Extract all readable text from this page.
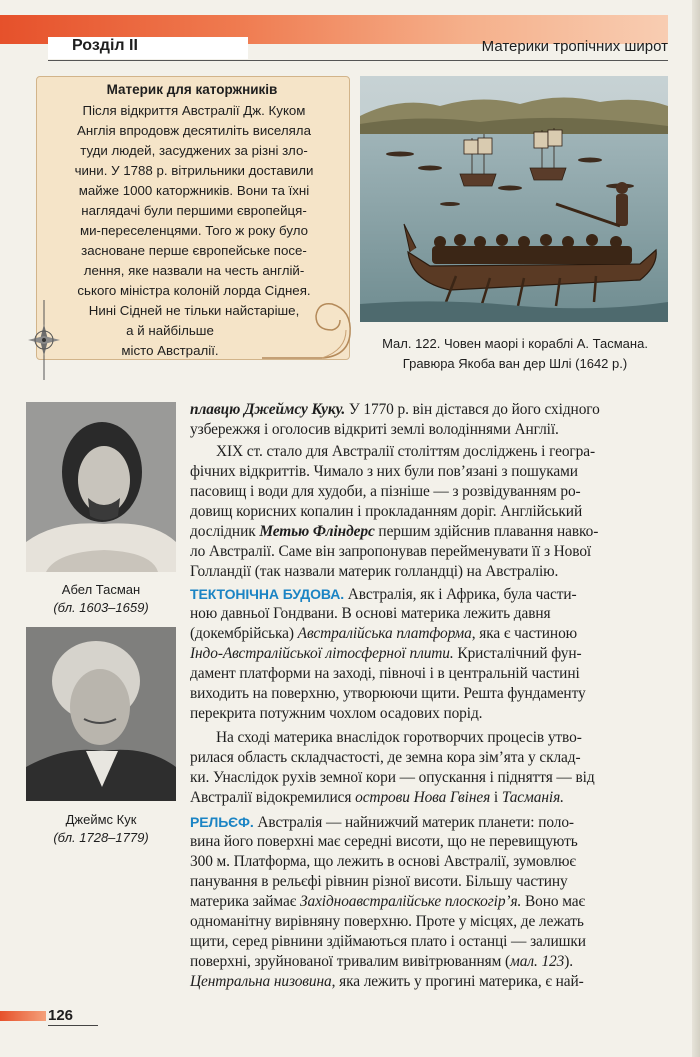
Розділ II	Материки тропічних широт
Материк для каторжників
Після відкриття Австралії Дж. Куком
Англія впродовж десятиліть виселяла
туди людей, засуджених за різні зло-
чини. У 1788 р. вітрильники доставили
майже 1000 каторжників. Вони та їхні
наглядачі були першими європейця-
ми-переселенцями. Того ж року було
засноване перше європейське посе-
лення, яке назвали на честь англій-
ського міністра колоній лорда Сіднея.
Нині Сідней не тільки найстаріше,
а й найбільше
місто Австралії.	Мал. 122. Човен маорі і кораблі А. Тасмана.
Гравюра Якоба ван дер Шлі (1642 р.)
Абел Тасман
(бл. 1603–1659)
Джеймс Кук
(бл. 1728–1779)
плавцю Джеймсу Куку. У 1770 р. він дістався до його східного
узбережжя і оголосив відкриті землі володіннями Англії.
XIX ст. стало для Австралії століттям досліджень і геогра-
фічних відкриттів. Чимало з них були пов’язані з пошуками
пасовищ і води для худоби, а пізніше — з розвідуванням ро-
довищ корисних копалин і прокладанням доріг. Англійський
дослідник Метью Фліндерс першим здійснив плавання навко-
ло Австралії. Саме він запропонував перейменувати її з Нової
Голландії (так назвали материк голландці) на Австралію.
ТЕКТОНІЧНА БУДОВА. Австралія, як і Африка, була части-
ною давньої Гондвани. В основі материка лежить давня
(докембрійська) Австралійська платформа, яка є частиною
Індо-Австралійської літосферної плити. Кристалічний фун-
дамент платформи на заході, півночі і в центральній частині
виходить на поверхню, утворюючи щити. Решта фундаменту
перекрита потужним чохлом осадових порід.
На сході материка внаслідок горотворчих процесів утво-
рилася область складчастості, де земна кора зім’ята у склад-
ки. Унаслідок рухів земної кори — опускання і підняття — від
Австралії відокремилися острови Нова Гвінея і Тасманія.
РЕЛЬЄФ. Австралія — найнижчий материк планети: поло-
вина його поверхні має середні висоти, що не перевищують
300 м. Платформа, що лежить в основі Австралії, зумовлює
панування в рельєфі рівнин різної висоти. Більшу частину
материка займає Західноавстралійське плоскогір’я. Воно має
одноманітну вирівняну поверхню. Проте у місцях, де лежать
щити, серед рівнини здіймаються плато і останці — залишки
поверхні, зруйнованої тривалим вивітрюванням (мал. 123).
Центральна низовина, яка лежить у прогині материка, є най-
126
